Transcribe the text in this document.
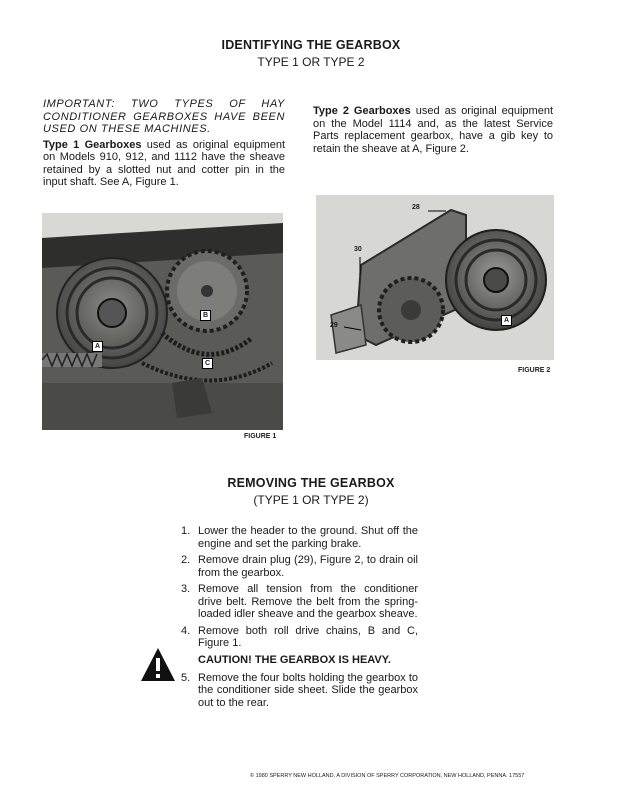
IDENTIFYING THE GEARBOX
TYPE 1 OR TYPE 2
IMPORTANT: TWO TYPES OF HAY CONDITIONER GEARBOXES HAVE BEEN USED ON THESE MACHINES.
Type 1 Gearboxes used as original equipment on Models 910, 912, and 1112 have the sheave retained by a slotted nut and cotter pin in the input shaft. See A, Figure 1.
Type 2 Gearboxes used as original equipment on the Model 1114 and, as the latest Service Parts replacement gearbox, have a gib key to retain the sheave at A, Figure 2.
A
B
C
FIGURE 1
28
30
29
A
FIGURE 2
REMOVING THE GEARBOX
(TYPE 1 OR TYPE 2)
1. Lower the header to the ground. Shut off the engine and set the parking brake.
2. Remove drain plug (29), Figure 2, to drain oil from the gearbox.
3. Remove all tension from the conditioner drive belt. Remove the belt from the spring-loaded idler sheave and the gearbox sheave.
4. Remove both roll drive chains, B and C, Figure 1.
CAUTION! THE GEARBOX IS HEAVY.
5. Remove the four bolts holding the gearbox to the conditioner side sheet. Slide the gearbox out to the rear.
© 1980 SPERRY NEW HOLLAND, A DIVISION OF SPERRY CORPORATION, NEW HOLLAND, PENNA. 17557
